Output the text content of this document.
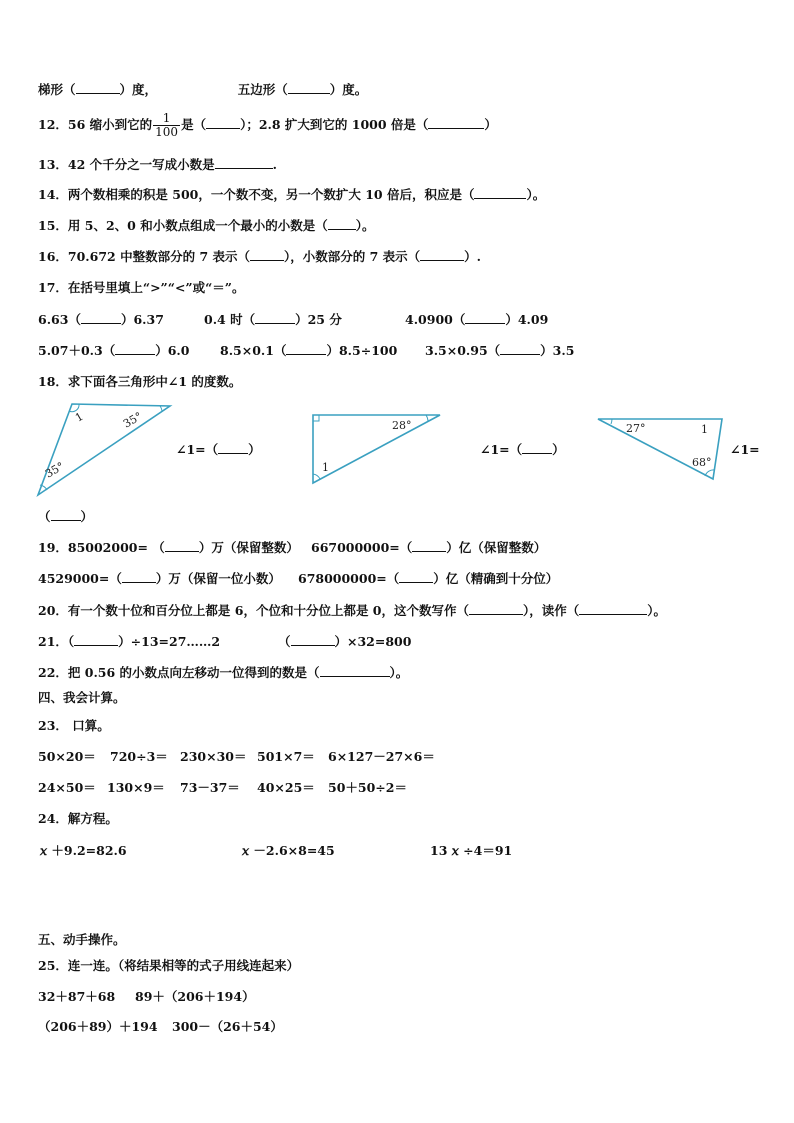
梯形（	）度，	五边形（	）度。
12．56 缩小到它的 $\frac{1}{100}$ 是（	）；2.8 扩大到它的 1000 倍是（	）
13．42 个千分之一写成小数是	.
14．两个数相乘的积是 500，一个数不变，另一个数扩大 10 倍后，积应是（	）。
15．用 5、2、0 和小数点组成一个最小的小数是（ ）。
16．70.672 中整数部分的 7 表示（	），小数部分的 7 表示（	）.
17．在括号里填上“>”“<”或“＝”。
6.63（	）6.37	0.4 时（	）25 分	4.0900（	）4.09
5.07＋0.3（	）6.0 8.5×0.1（	）8.5÷100 3.5×0.95（	）3.5
18．求下面各三角形中∠1 的度数。
1	35°
35°
28°
1
27°	1
68°
∠1=（ ）	∠1=（ ）	∠1=
（ ）
19．85002000= （	）万（保留整数） 667000000=（	）亿（保留整数）
4529000=（	）万（保留一位小数） 678000000=（	）亿（精确到十分位）
20．有一个数十位和百分位上都是 6，个位和十分位上都是 0，这个数写作（	），读作（	）。
21．（	）÷13=27……2	（	）×32=800
22．把 0.56 的小数点向左移动一位得到的数是（	）。
四、我会计算。
23． 口算。
50×20＝ 720÷3＝ 230×30＝ 501×7＝ 6×127－27×6＝
24×50＝ 130×9＝ 73－37＝ 40×25＝ 50＋50÷2＝
24．解方程。
𝑥 ＋9.2=82.6	𝑥 －2.6×8=45	13 𝑥 ÷4＝91
五、动手操作。
25．连一连。（将结果相等的式子用线连起来）
32＋87＋68 89＋（206＋194）
（206＋89）＋194 300－（26＋54）
